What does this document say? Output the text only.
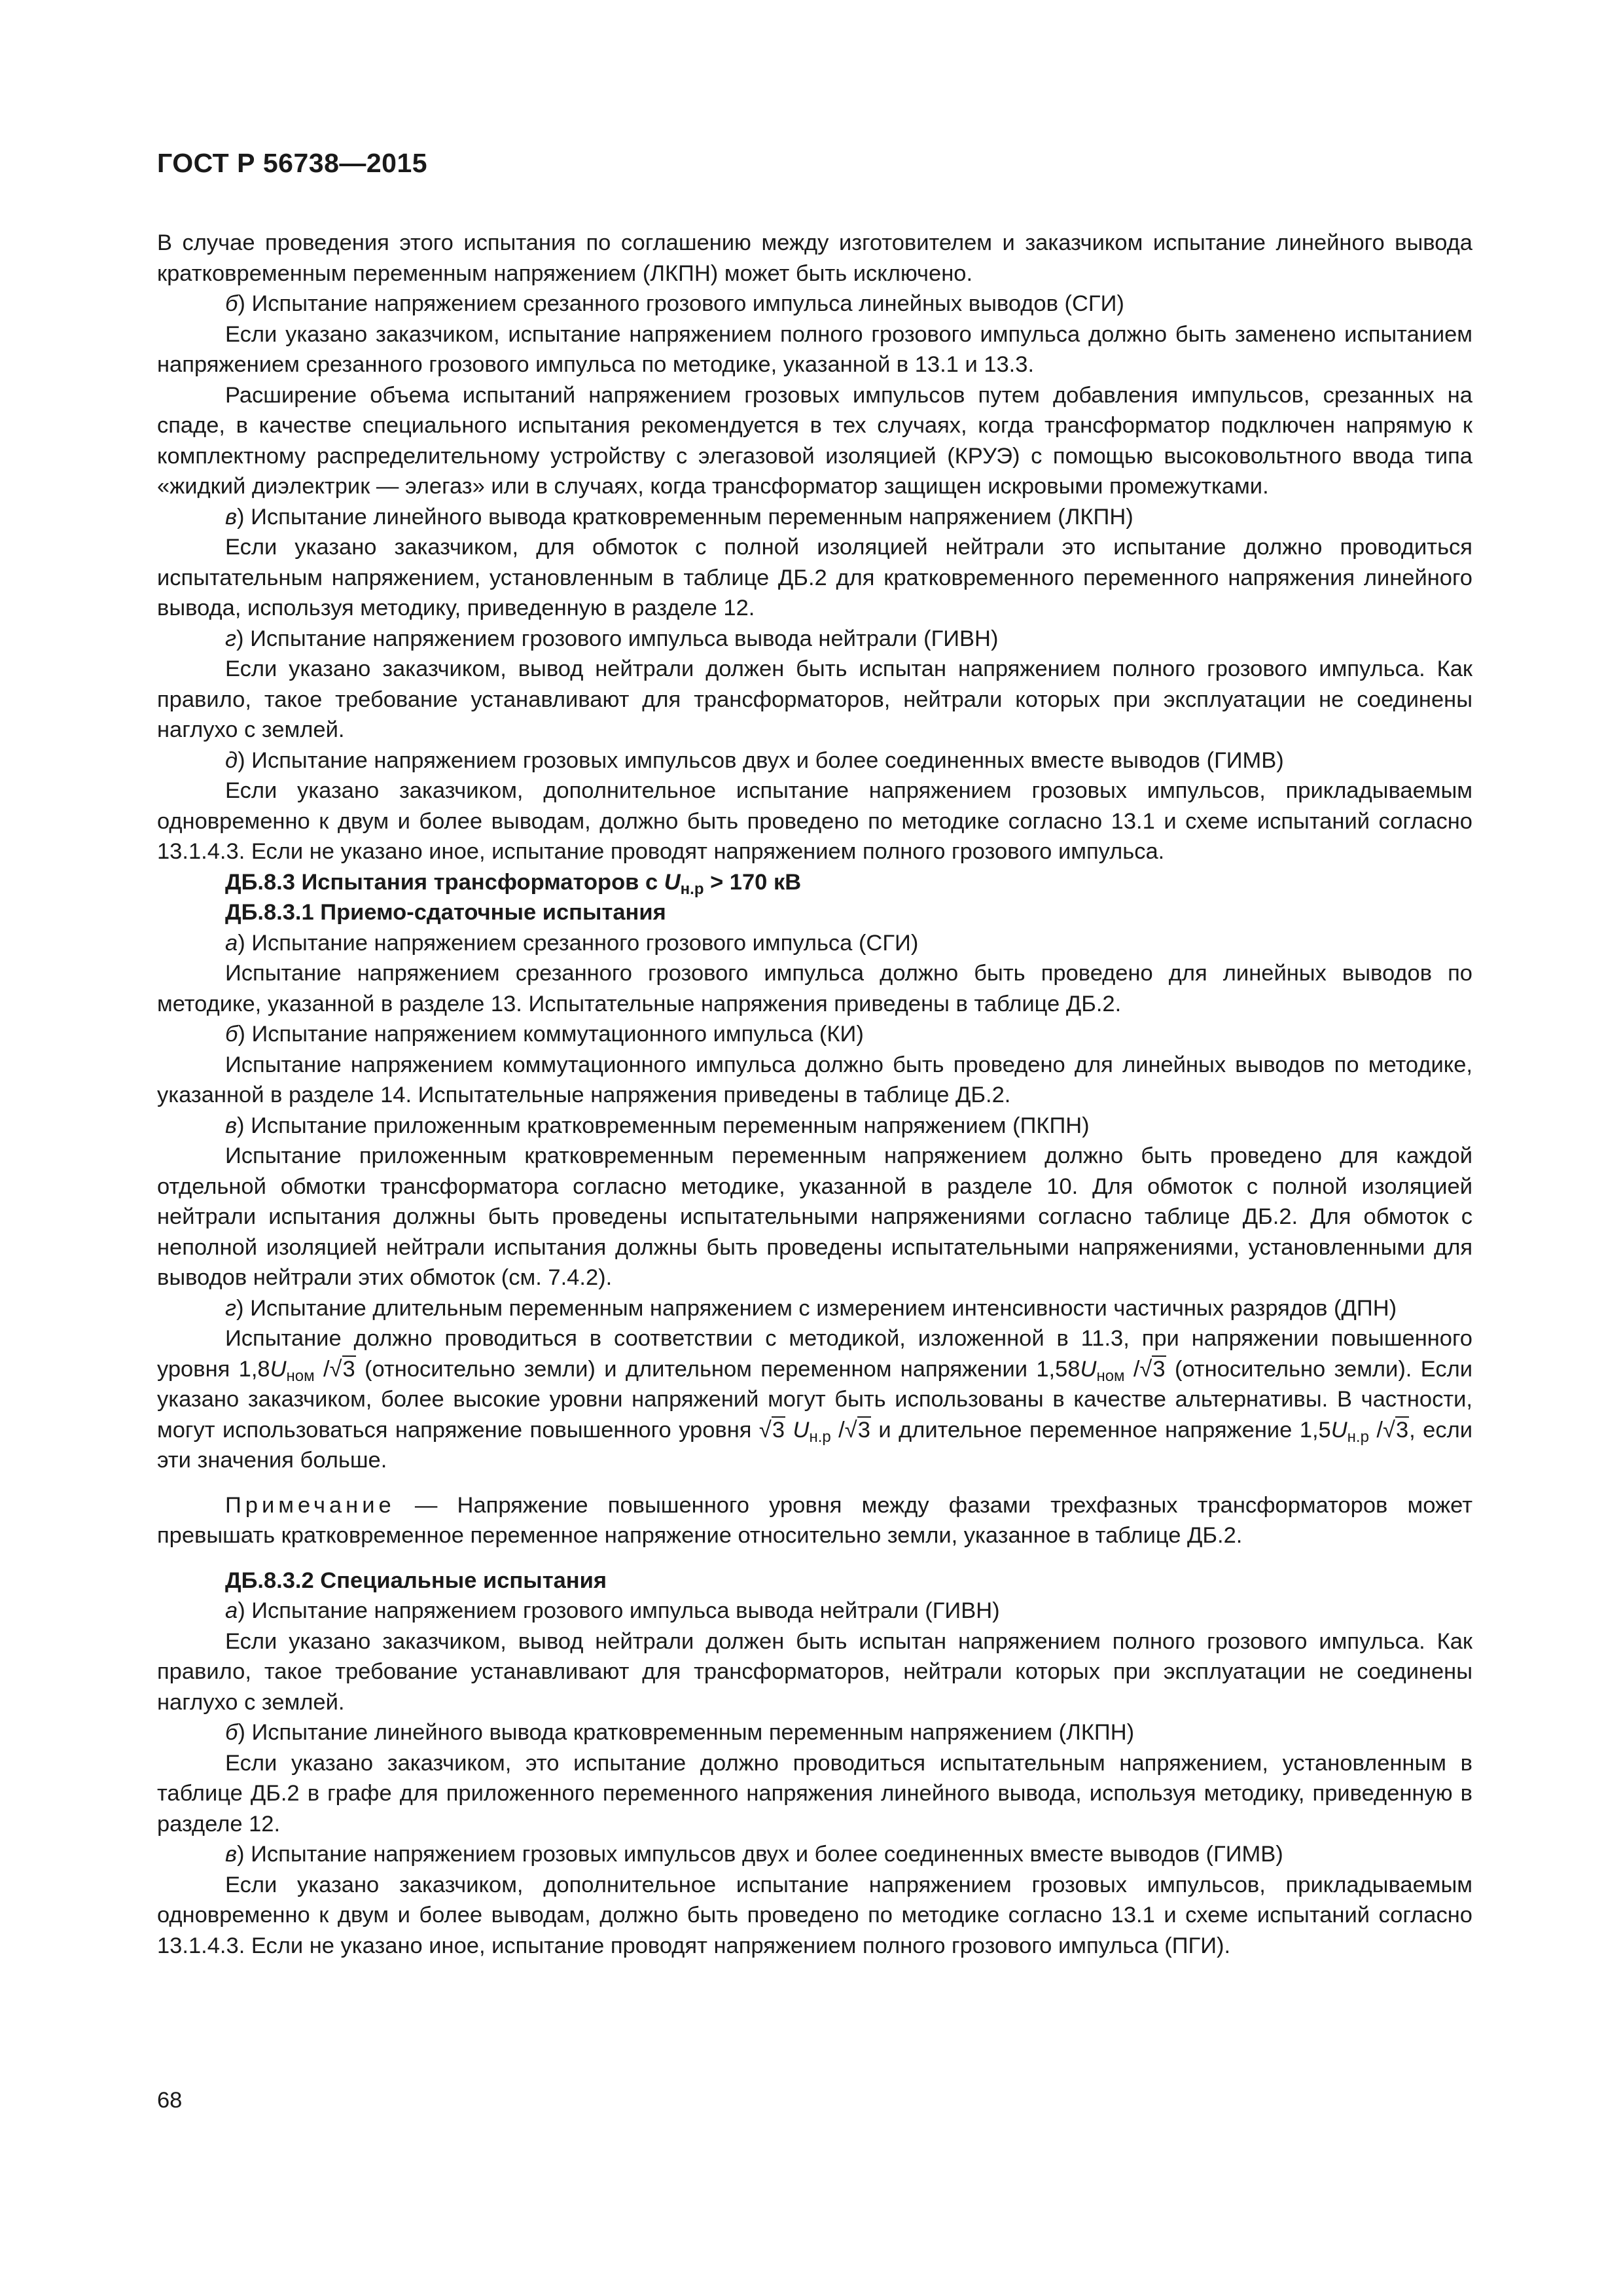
ГОСТ Р 56738—2015

В случае проведения этого испытания по соглашению между изготовителем и заказчиком испытание линейного вывода кратковременным переменным напряжением (ЛКПН) может быть исключено.

б) Испытание напряжением срезанного грозового импульса линейных выводов (СГИ)

Если указано заказчиком, испытание напряжением полного грозового импульса должно быть заменено испытанием напряжением срезанного грозового импульса по методике, указанной в 13.1 и 13.3.

Расширение объема испытаний напряжением грозовых импульсов путем добавления импульсов, срезанных на спаде, в качестве специального испытания рекомендуется в тех случаях, когда трансформатор подключен напрямую к комплектному распределительному устройству с элегазовой изоляцией (КРУЭ) с помощью высоковольтного ввода типа «жидкий диэлектрик — элегаз» или в случаях, когда трансформатор защищен искровыми промежутками.

в) Испытание линейного вывода кратковременным переменным напряжением (ЛКПН)

Если указано заказчиком, для обмоток с полной изоляцией нейтрали это испытание должно проводиться испытательным напряжением, установленным в таблице ДБ.2 для кратковременного переменного напряжения линейного вывода, используя методику, приведенную в разделе 12.

г) Испытание напряжением грозового импульса вывода нейтрали (ГИВН)

Если указано заказчиком, вывод нейтрали должен быть испытан напряжением полного грозового импульса. Как правило, такое требование устанавливают для трансформаторов, нейтрали которых при эксплуатации не соединены наглухо с землей.

д) Испытание напряжением грозовых импульсов двух и более соединенных вместе выводов (ГИМВ)

Если указано заказчиком, дополнительное испытание напряжением грозовых импульсов, прикладываемым одновременно к двум и более выводам, должно быть проведено по методике согласно 13.1 и схеме испытаний согласно 13.1.4.3. Если не указано иное, испытание проводят напряжением полного грозового импульса.

ДБ.8.3 Испытания трансформаторов с $U_{н.р} > 170$ кВ

ДБ.8.3.1 Приемо-сдаточные испытания

а) Испытание напряжением срезанного грозового импульса (СГИ)

Испытание напряжением срезанного грозового импульса должно быть проведено для линейных выводов по методике, указанной в разделе 13. Испытательные напряжения приведены в таблице ДБ.2.

б) Испытание напряжением коммутационного импульса (КИ)

Испытание напряжением коммутационного импульса должно быть проведено для линейных выводов по методике, указанной в разделе 14. Испытательные напряжения приведены в таблице ДБ.2.

в) Испытание приложенным кратковременным переменным напряжением (ПКПН)

Испытание приложенным кратковременным переменным напряжением должно быть проведено для каждой отдельной обмотки трансформатора согласно методике, указанной в разделе 10. Для обмоток с полной изоляцией нейтрали испытания должны быть проведены испытательными напряжениями согласно таблице ДБ.2. Для обмоток с неполной изоляцией нейтрали испытания должны быть проведены испытательными напряжениями, установленными для выводов нейтрали этих обмоток (см. 7.4.2).

г) Испытание длительным переменным напряжением с измерением интенсивности частичных разрядов (ДПН)

Испытание должно проводиться в соответствии с методикой, изложенной в 11.3, при напряжении повышенного уровня $1,8U_{ном}$ /√3 (относительно земли) и длительном переменном напряжении $1,58U_{ном}$ /√3 (относительно земли). Если указано заказчиком, более высокие уровни напряжений могут быть использованы в качестве альтернативы. В частности, могут использоваться напряжение повышенного уровня √3 $U_{н.р}$ /√3 и длительное переменное напряжение $1,5U_{н.р}$ /√3, если эти значения больше.

Примечание — Напряжение повышенного уровня между фазами трехфазных трансформаторов может превышать кратковременное переменное напряжение относительно земли, указанное в таблице ДБ.2.

ДБ.8.3.2 Специальные испытания

а) Испытание напряжением грозового импульса вывода нейтрали (ГИВН)

Если указано заказчиком, вывод нейтрали должен быть испытан напряжением полного грозового импульса. Как правило, такое требование устанавливают для трансформаторов, нейтрали которых при эксплуатации не соединены наглухо с землей.

б) Испытание линейного вывода кратковременным переменным напряжением (ЛКПН)

Если указано заказчиком, это испытание должно проводиться испытательным напряжением, установленным в таблице ДБ.2 в графе для приложенного переменного напряжения линейного вывода, используя методику, приведенную в разделе 12.

в) Испытание напряжением грозовых импульсов двух и более соединенных вместе выводов (ГИМВ)

Если указано заказчиком, дополнительное испытание напряжением грозовых импульсов, прикладываемым одновременно к двум и более выводам, должно быть проведено по методике согласно 13.1 и схеме испытаний согласно 13.1.4.3. Если не указано иное, испытание проводят напряжением полного грозового импульса (ПГИ).

68
